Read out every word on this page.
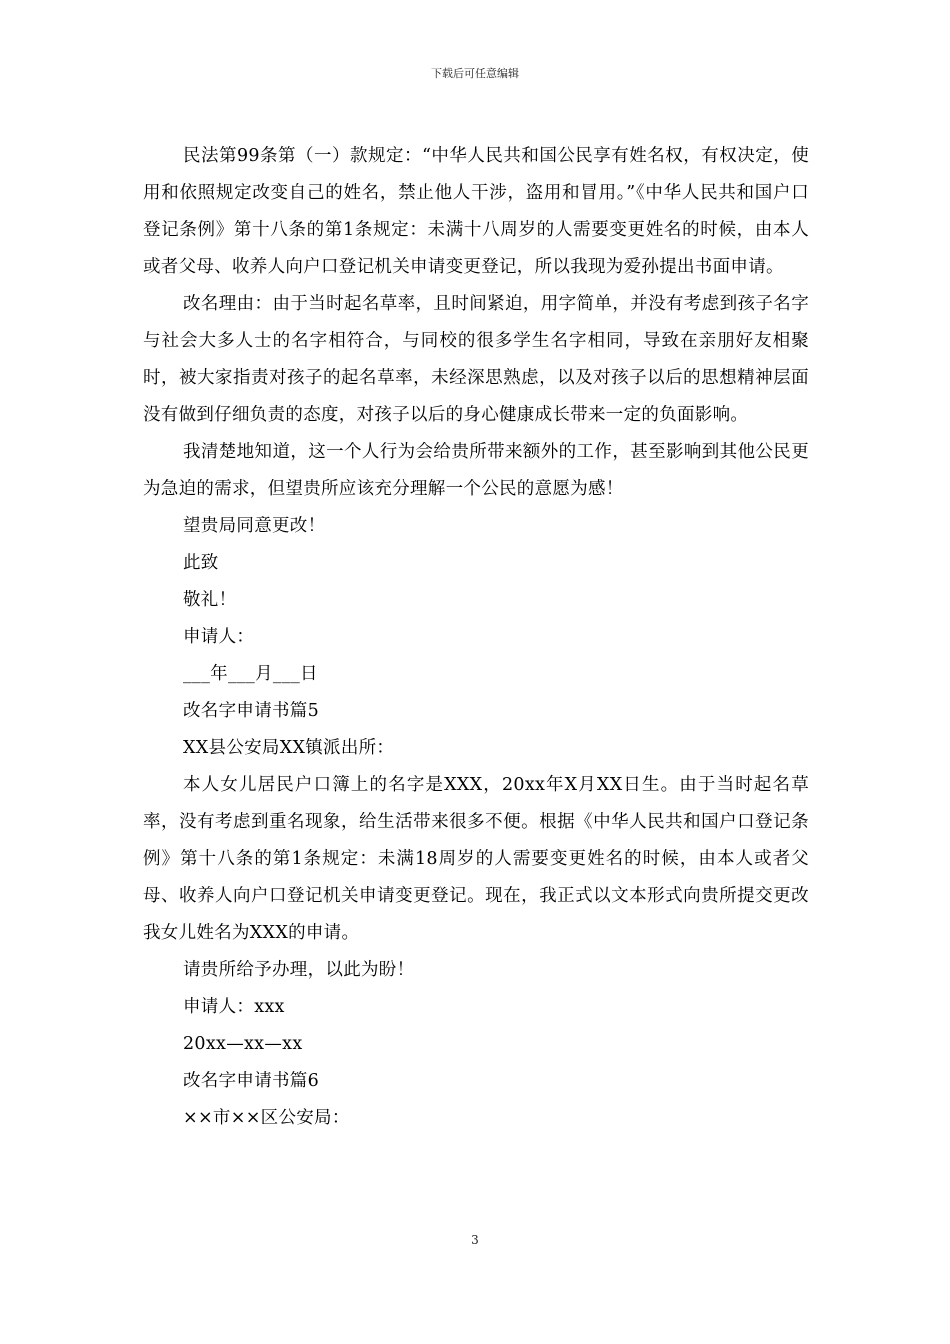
下载后可任意编辑

民法第99条第（一）款规定：“中华人民共和国公民享有姓名权，有权决定，使用和依照规定改变自己的姓名，禁止他人干涉，盗用和冒用。”《中华人民共和国户口登记条例》第十八条的第1条规定：未满十八周岁的人需要变更姓名的时候，由本人或者父母、收养人向户口登记机关申请变更登记，所以我现为爱孙提出书面申请。

改名理由：由于当时起名草率，且时间紧迫，用字简单，并没有考虑到孩子名字与社会大多人士的名字相符合，与同校的很多学生名字相同，导致在亲朋好友相聚时，被大家指责对孩子的起名草率，未经深思熟虑，以及对孩子以后的思想精神层面没有做到仔细负责的态度，对孩子以后的身心健康成长带来一定的负面影响。

我清楚地知道，这一个人行为会给贵所带来额外的工作，甚至影响到其他公民更为急迫的需求，但望贵所应该充分理解一个公民的意愿为感！

望贵局同意更改！

此致

敬礼！

申请人：

___年___月___日

改名字申请书篇5

XX县公安局XX镇派出所：

本人女儿居民户口簿上的名字是XXX，20xx年X月XX日生。由于当时起名草率，没有考虑到重名现象，给生活带来很多不便。根据《中华人民共和国户口登记条例》第十八条的第1条规定：未满18周岁的人需要变更姓名的时候，由本人或者父母、收养人向户口登记机关申请变更登记。现在，我正式以文本形式向贵所提交更改我女儿姓名为XXX的申请。

请贵所给予办理，以此为盼！

申请人：xxx

20xx—xx—xx

改名字申请书篇6

××市××区公安局：

3
